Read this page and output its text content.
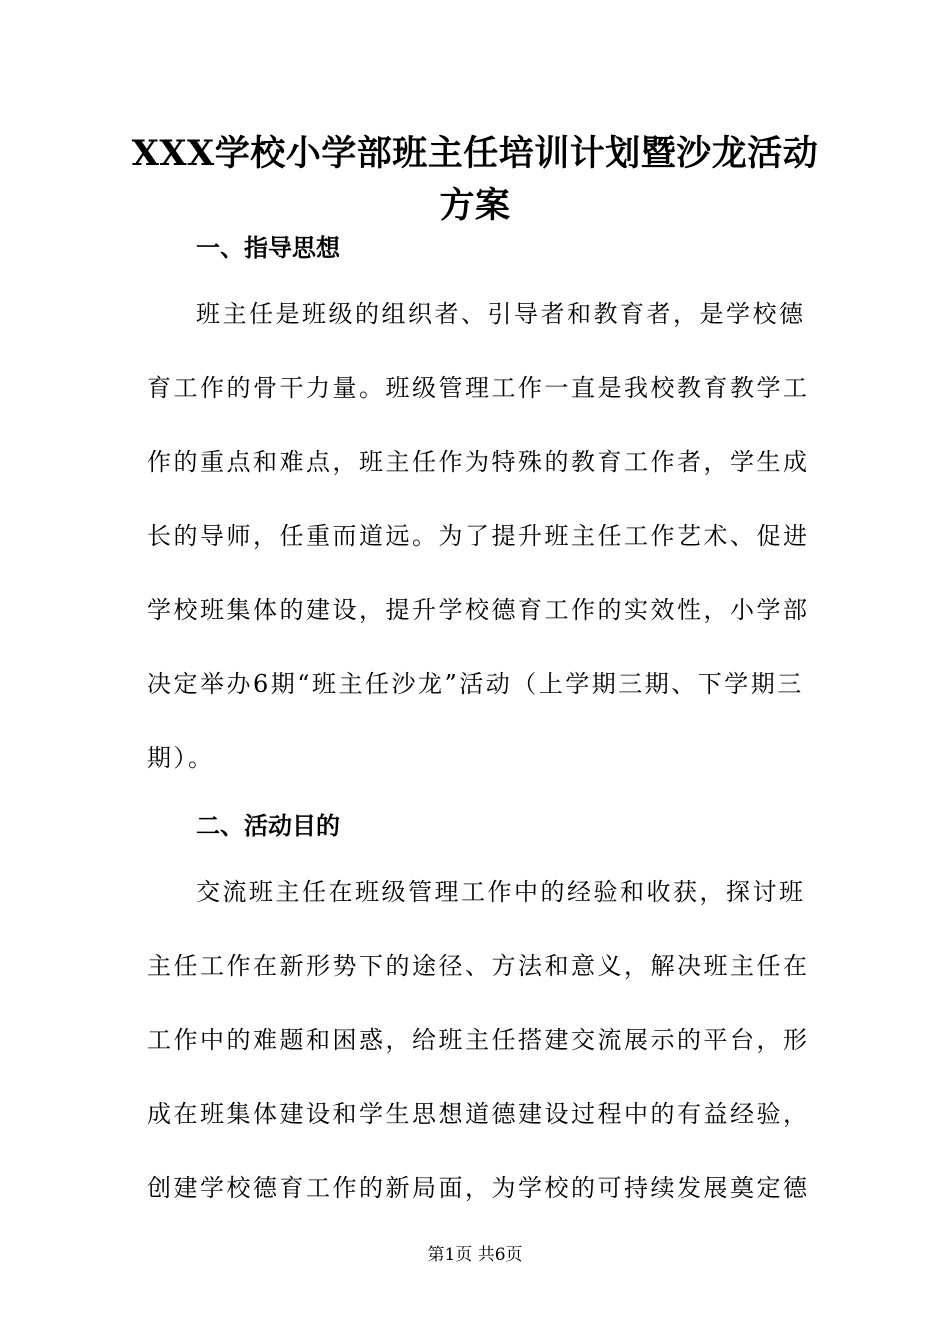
XXX学校小学部班主任培训计划暨沙龙活动
方案
一、指导思想
班主任是班级的组织者、引导者和教育者，是学校德
育工作的骨干力量。班级管理工作一直是我校教育教学工
作的重点和难点，班主任作为特殊的教育工作者，学生成
长的导师，任重而道远。为了提升班主任工作艺术、促进
学校班集体的建设，提升学校德育工作的实效性，小学部
决定举办6期“班主任沙龙”活动（上学期三期、下学期三
期）。
二、活动目的
交流班主任在班级管理工作中的经验和收获，探讨班
主任工作在新形势下的途径、方法和意义，解决班主任在
工作中的难题和困惑，给班主任搭建交流展示的平台，形
成在班集体建设和学生思想道德建设过程中的有益经验，
创建学校德育工作的新局面，为学校的可持续发展奠定德
第1页 共6页
